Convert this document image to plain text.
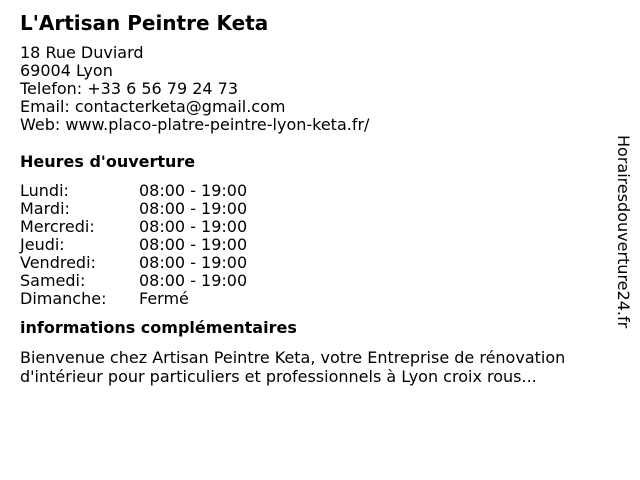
L'Artisan Peintre Keta
18 Rue Duviard
69004 Lyon
Telefon: +33 6 56 79 24 73
Email: contacterketa@gmail.com
Web: www.placo-platre-peintre-lyon-keta.fr/
Heures d'ouverture
Lundi:	08:00 - 19:00
Mardi:	08:00 - 19:00
Mercredi:	08:00 - 19:00
Jeudi:	08:00 - 19:00
Vendredi:	08:00 - 19:00
Samedi:	08:00 - 19:00
Dimanche:	Fermé
informations complémentaires
Bienvenue chez Artisan Peintre Keta, votre Entreprise de rénovation d'intérieur pour particuliers et professionnels à Lyon croix rous...
Horairesdouverture24.fr
